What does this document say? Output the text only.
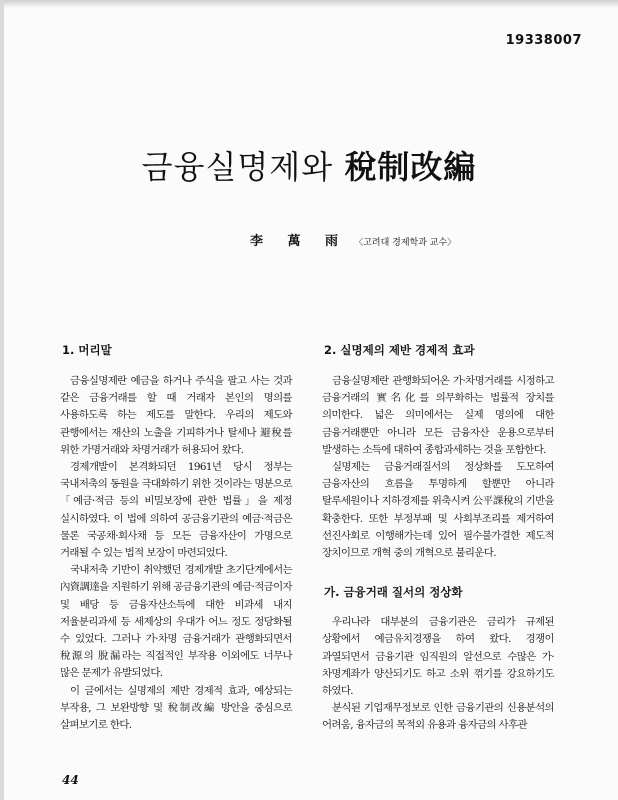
19338007
금융실명제와 稅制改編
李 萬 雨 〈고려대 경제학과 교수〉
1. 머리말

금융실명제란 예금을 하거나 주식을 팔고 사는 것과 같은 금융거래를 할 때 거래자 본인의 명의를 사용하도록 하는 제도를 말한다. 우리의 제도와 관행에서는 재산의 노출을 기피하거나 탈세나 避稅를 위한 가명거래와 차명거래가 허용되어 왔다.

경제개발이 본격화되던 1961년 당시 정부는 국내저축의 동원을 극대화하기 위한 것이라는 명분으로 「예금·적금 등의 비밀보장에 관한 법률」을 제정 실시하였다. 이 법에 의하여 공금융기관의 예금·적금은 물론 국공채·회사채 등 모든 금융자산이 가명으로 거래될 수 있는 법적 보장이 마련되었다.

국내저축 기반이 취약했던 경제개발 초기단계에서는 內資調達을 지원하기 위해 공금융기관의 예금·적금이자 및 배당 등 금융자산소득에 대한 비과세 내지 저율분리과세 등 세제상의 우대가 어느 정도 정당화될 수 있었다. 그러나 가·차명 금융거래가 관행화되면서 稅源의 脫漏라는 직접적인 부작용 이외에도 너무나 많은 문제가 유발되었다.

이 글에서는 실명제의 제반 경제적 효과, 예상되는 부작용, 그 보완방향 및 稅制改編 방안을 중심으로 살펴보기로 한다.

2. 실명제의 제반 경제적 효과

금융실명제란 관행화되어온 가·차명거래를 시정하고 금융거래의 實名化를 의무화하는 법률적 장치를 의미한다. 넓은 의미에서는 실제 명의에 대한 금융거래뿐만 아니라 모든 금융자산 운용으로부터 발생하는 소득에 대하여 종합과세하는 것을 포함한다.

실명제는 금융거래질서의 정상화를 도모하여 금융자산의 흐름을 투명하게 할뿐만 아니라 탈루세원이나 지하경제를 위축시켜 公平課稅의 기반을 확충한다. 또한 부정부패 및 사회부조리를 제거하여 선진사회로 이행해가는데 있어 필수불가결한 제도적 장치이므로 개혁 중의 개혁으로 불리운다.

가. 금융거래 질서의 정상화

우리나라 대부분의 금융기관은 금리가 규제된 상황에서 예금유치경쟁을 하여 왔다. 경쟁이 과열되면서 금융기관 임직원의 알선으로 수많은 가·차명계좌가 양산되기도 하고 소위 꺾기를 강요하기도 하였다.

분식된 기업재무정보로 인한 금융기관의 신용분석의 어려움, 융자금의 목적외 유용과 융자금의 사후관

44
